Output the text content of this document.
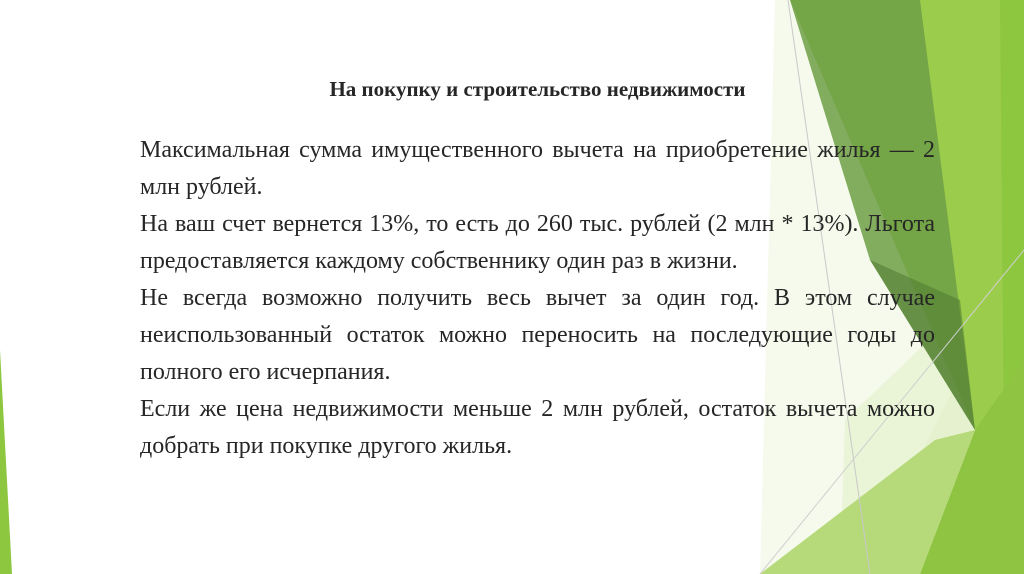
На покупку и строительство недвижимости

Максимальная сумма имущественного вычета на приобретение жилья — 2 млн рублей.

На ваш счет вернется 13%, то есть до 260 тыс. рублей (2 млн * 13%). Льгота предоставляется каждому собственнику один раз в жизни.

Не всегда возможно получить весь вычет за один год. В этом случае неиспользованный остаток можно переносить на последующие годы до полного его исчерпания.

Если же цена недвижимости меньше 2 млн рублей, остаток вычета можно добрать при покупке другого жилья.
